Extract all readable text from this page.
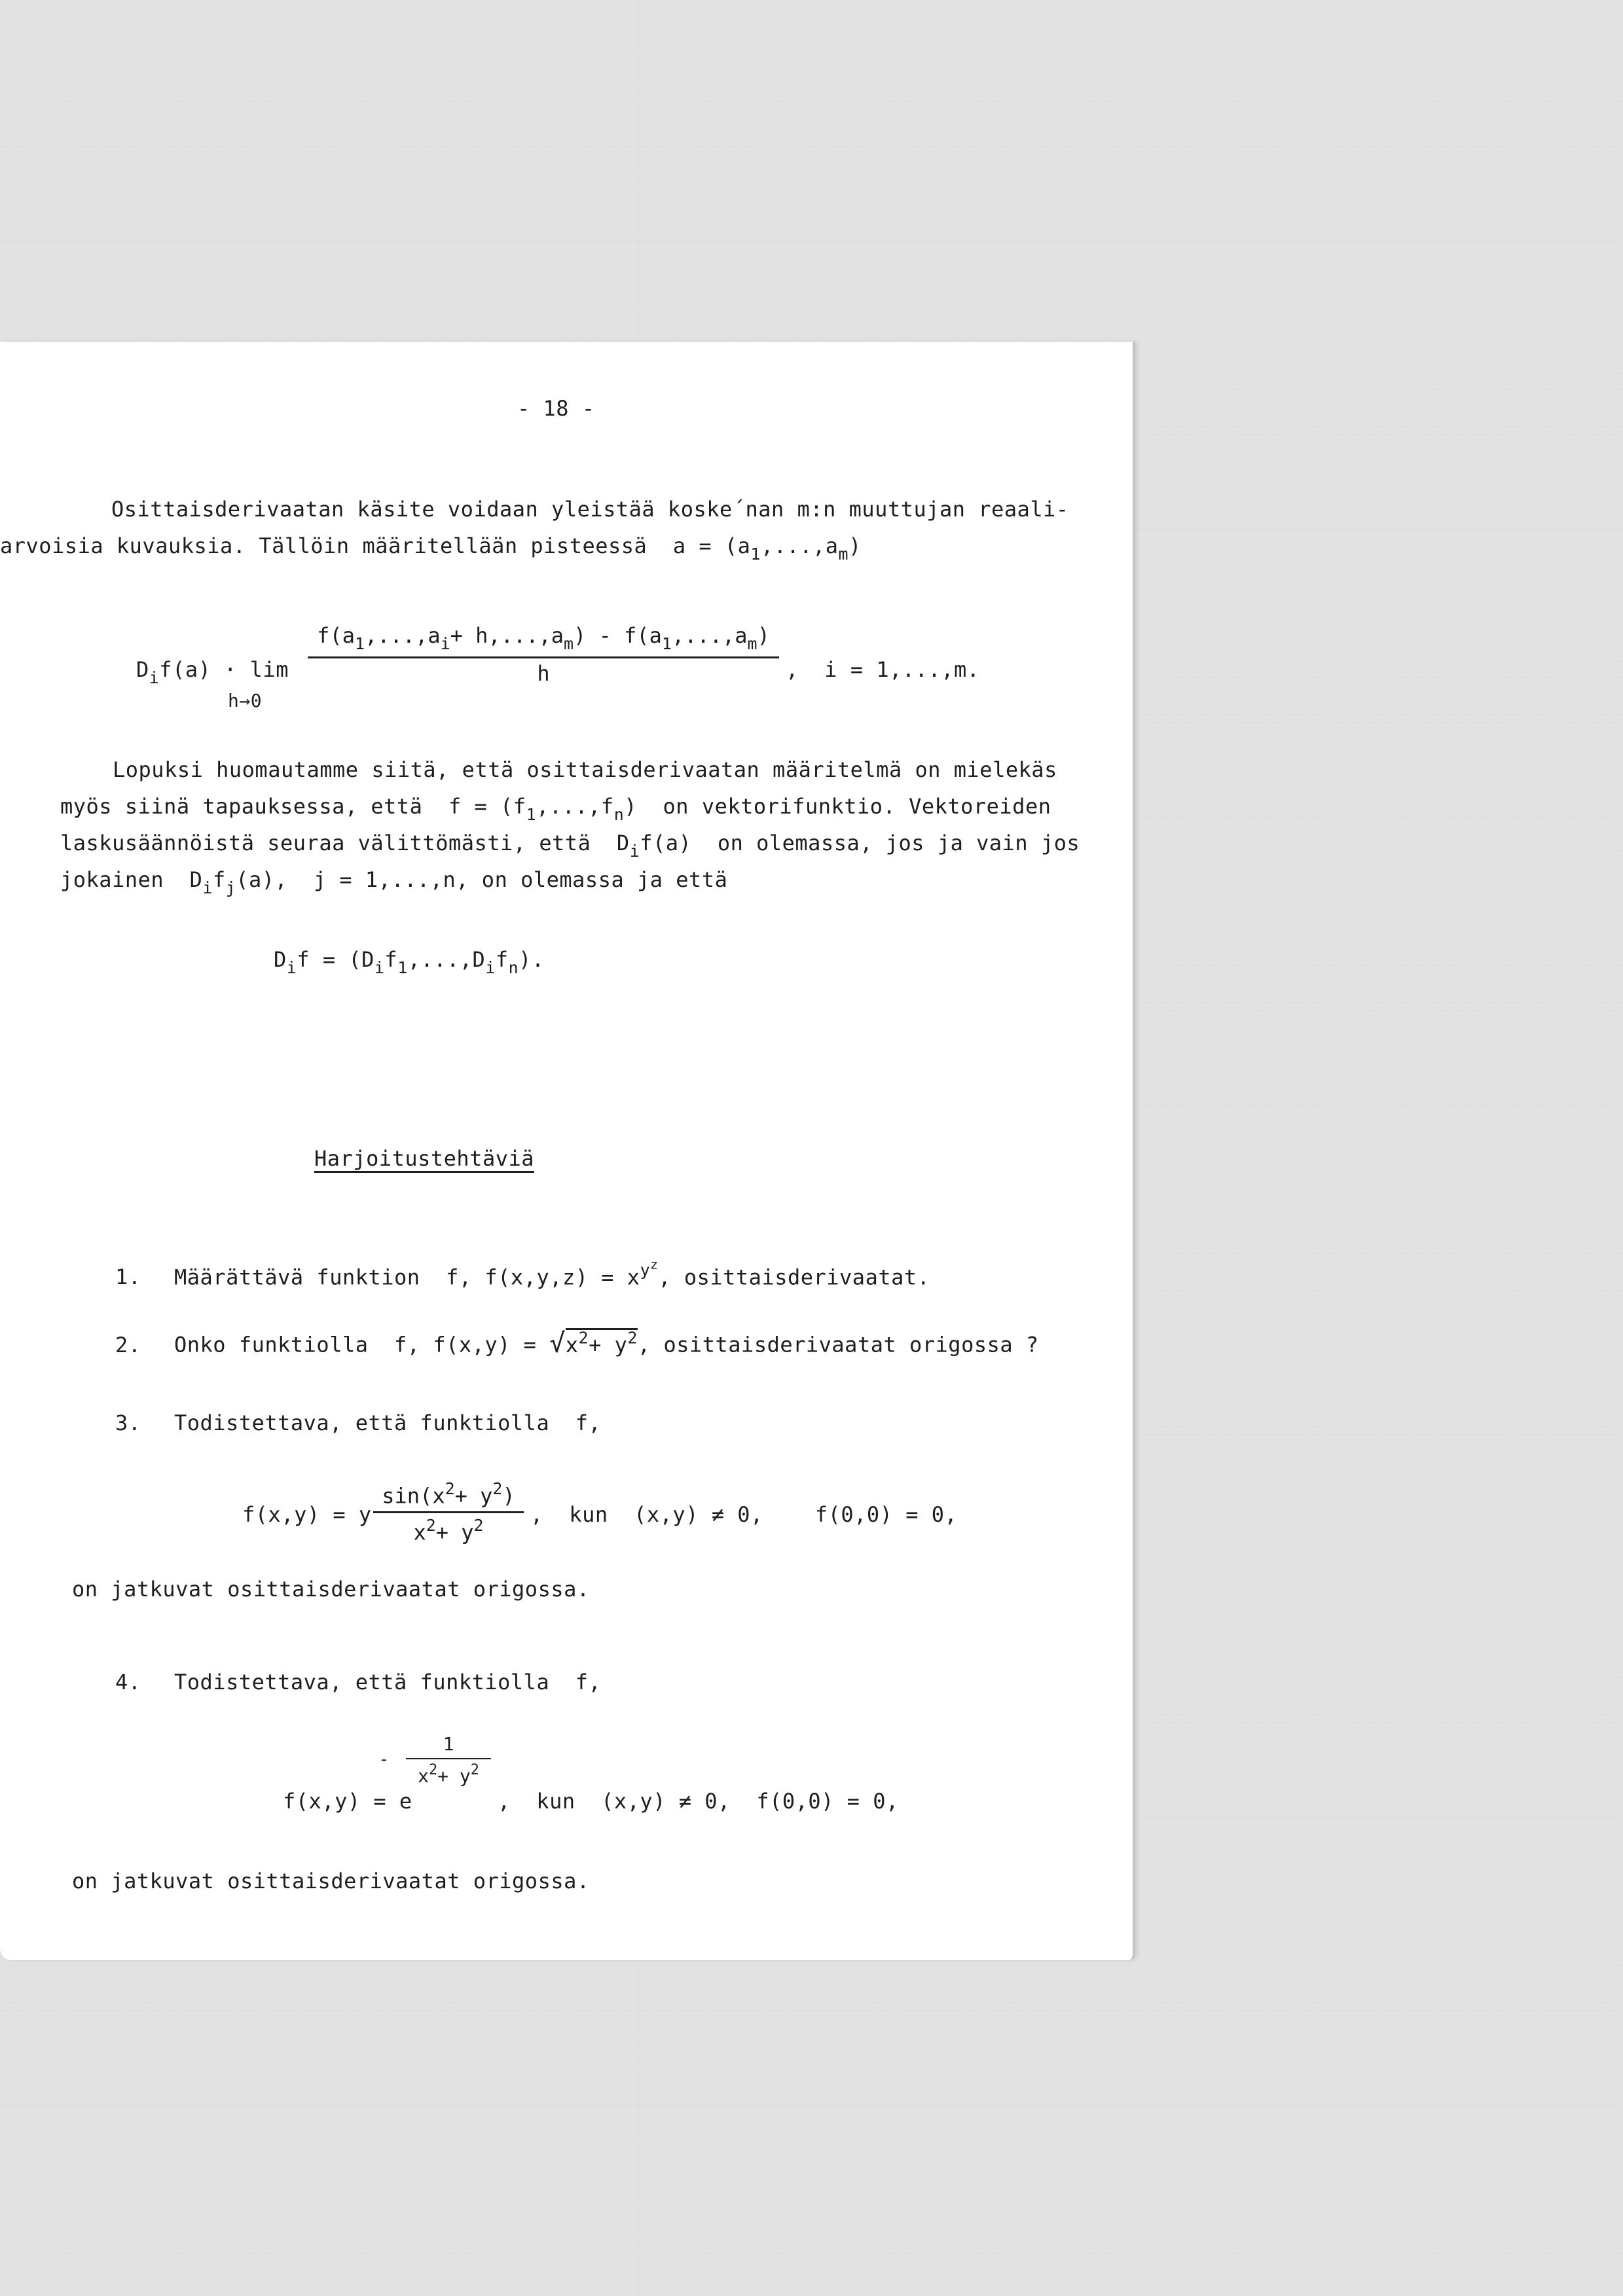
- 18 -
Osittaisderivaatan käsite voidaan yleistää koske´nan m:n muuttujan reaali-
arvoisia kuvauksia. Tällöin määritellään pisteessä  $a = (a_1,...,a_m)$
$D_if(a) \cdot \lim$
h→0
$f(a_1,...,a_i+ h,...,a_m) - f(a_1,...,a_m)$
h	,  i = 1,...,m.
Lopuksi huomautamme siitä, että osittaisderivaatan määritelmä on mielekäs
myös siinä tapauksessa, että  $f = (f_1,...,f_n)$  on vektorifunktio. Vektoreiden
laskusäännöistä seuraa välittömästi, että  $D_if(a)$  on olemassa, jos ja vain jos
jokainen  $D_if_j(a)$,  j = 1,...,n, on olemassa ja että
$D_if = (D_if_1,...,D_if_n)$.
Harjoitustehtäviä
1. Määrättävä funktion  f, $f(x,y,z) = x^{y^z}$, osittaisderivaatat.
2. Onko funktiolla  f, $f(x,y) = √x^2+ y^2$, osittaisderivaatat origossa ?
3. Todistettava, että funktiolla  f,
f(x,y) = y
$\sin(x^2+ y^2)$
$x^2+ y^2$ ,  kun  (x,y) ≠ 0,    f(0,0) = 0,
on jatkuvat osittaisderivaatat origossa.
4. Todistettava, että funktiolla  f,
f(x,y) = e
-
1
$x^2+ y^2$
,  kun  (x,y) ≠ 0,  f(0,0) = 0,
on jatkuvat osittaisderivaatat origossa.
